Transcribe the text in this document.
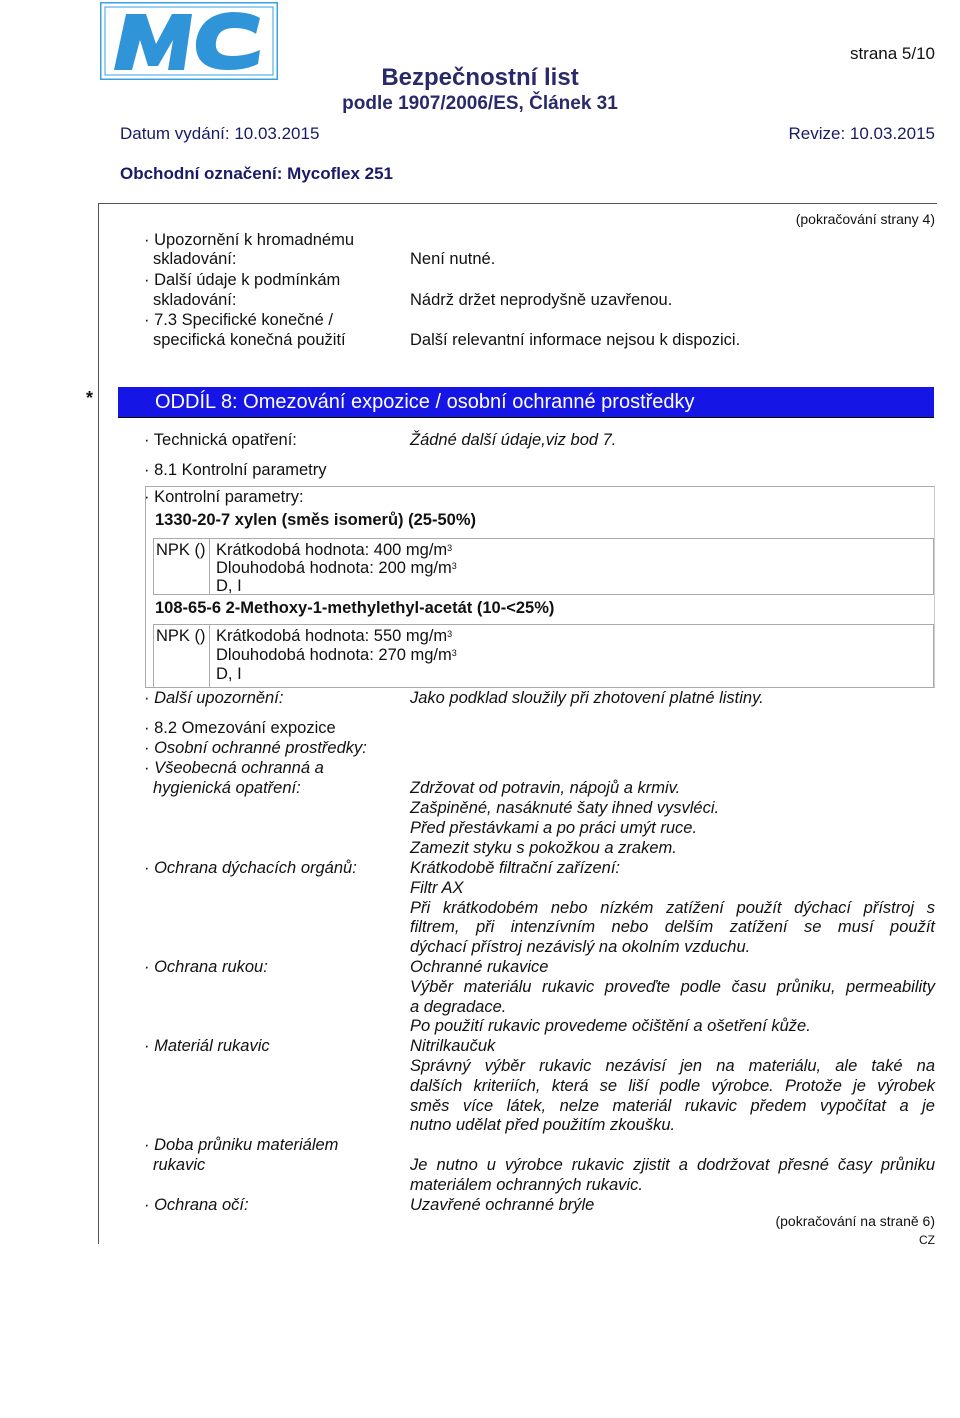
MC	strana 5/10
Bezpečnostní list
podle 1907/2006/ES, Článek 31
Datum vydání: 10.03.2015	Revize: 10.03.2015
Obchodní označení: Mycoflex 251
(pokračování strany 4)
· Upozornění k hromadnému
skladování:	Není nutné.
· Další údaje k podmínkám
skladování:	Nádrž držet neprodyšně uzavřenou.
· 7.3 Specifické konečné /
specifická konečná použití	Další relevantní informace nejsou k dispozici.
*	ODDÍL 8: Omezování expozice / osobní ochranné prostředky
· Technická opatření:	Žádné další údaje,viz bod 7.
· 8.1 Kontrolní parametry
· Kontrolní parametry:
1330-20-7 xylen (směs isomerů) (25-50%)
NPK () Krátkodobá hodnota: 400 $mg/m^3$
Dlouhodobá hodnota: 200 $mg/m^3$
D, I
108-65-6 2-Methoxy-1-methylethyl-acetát (10-<25%)
NPK () Krátkodobá hodnota: 550 $mg/m^3$
Dlouhodobá hodnota: 270 $mg/m^3$
D, I
· Další upozornění:	Jako podklad sloužily při zhotovení platné listiny.
· 8.2 Omezování expozice
· Osobní ochranné prostředky:
· Všeobecná ochranná a
hygienická opatření:	Zdržovat od potravin, nápojů a krmiv.
Zašpiněné, nasáknuté šaty ihned vysvléci.
Před přestávkami a po práci umýt ruce.
Zamezit styku s pokožkou a zrakem.
· Ochrana dýchacích orgánů:	Krátkodobě filtrační zařízení:
Filtr AX
Při krátkodobém nebo nízkém zatížení použít dýchací přístroj s
filtrem, při intenzívním nebo delším zatížení se musí použít
dýchací přístroj nezávislý na okolním vzduchu.
· Ochrana rukou:	Ochranné rukavice
Výběr materiálu rukavic proveďte podle času průniku, permeability
a degradace.
Po použití rukavic provedeme očištění a ošetření kůže.
· Materiál rukavic	Nitrilkaučuk
Správný výběr rukavic nezávisí jen na materiálu, ale také na
dalších kriteriích, která se liší podle výrobce. Protože je výrobek
směs více látek, nelze materiál rukavic předem vypočítat a je
nutno udělat před použitím zkoušku.
· Doba průniku materiálem
rukavic	Je nutno u výrobce rukavic zjistit a dodržovat přesné časy průniku
materiálem ochranných rukavic.
· Ochrana očí:	Uzavřené ochranné brýle
(pokračování na straně 6)
CZ
